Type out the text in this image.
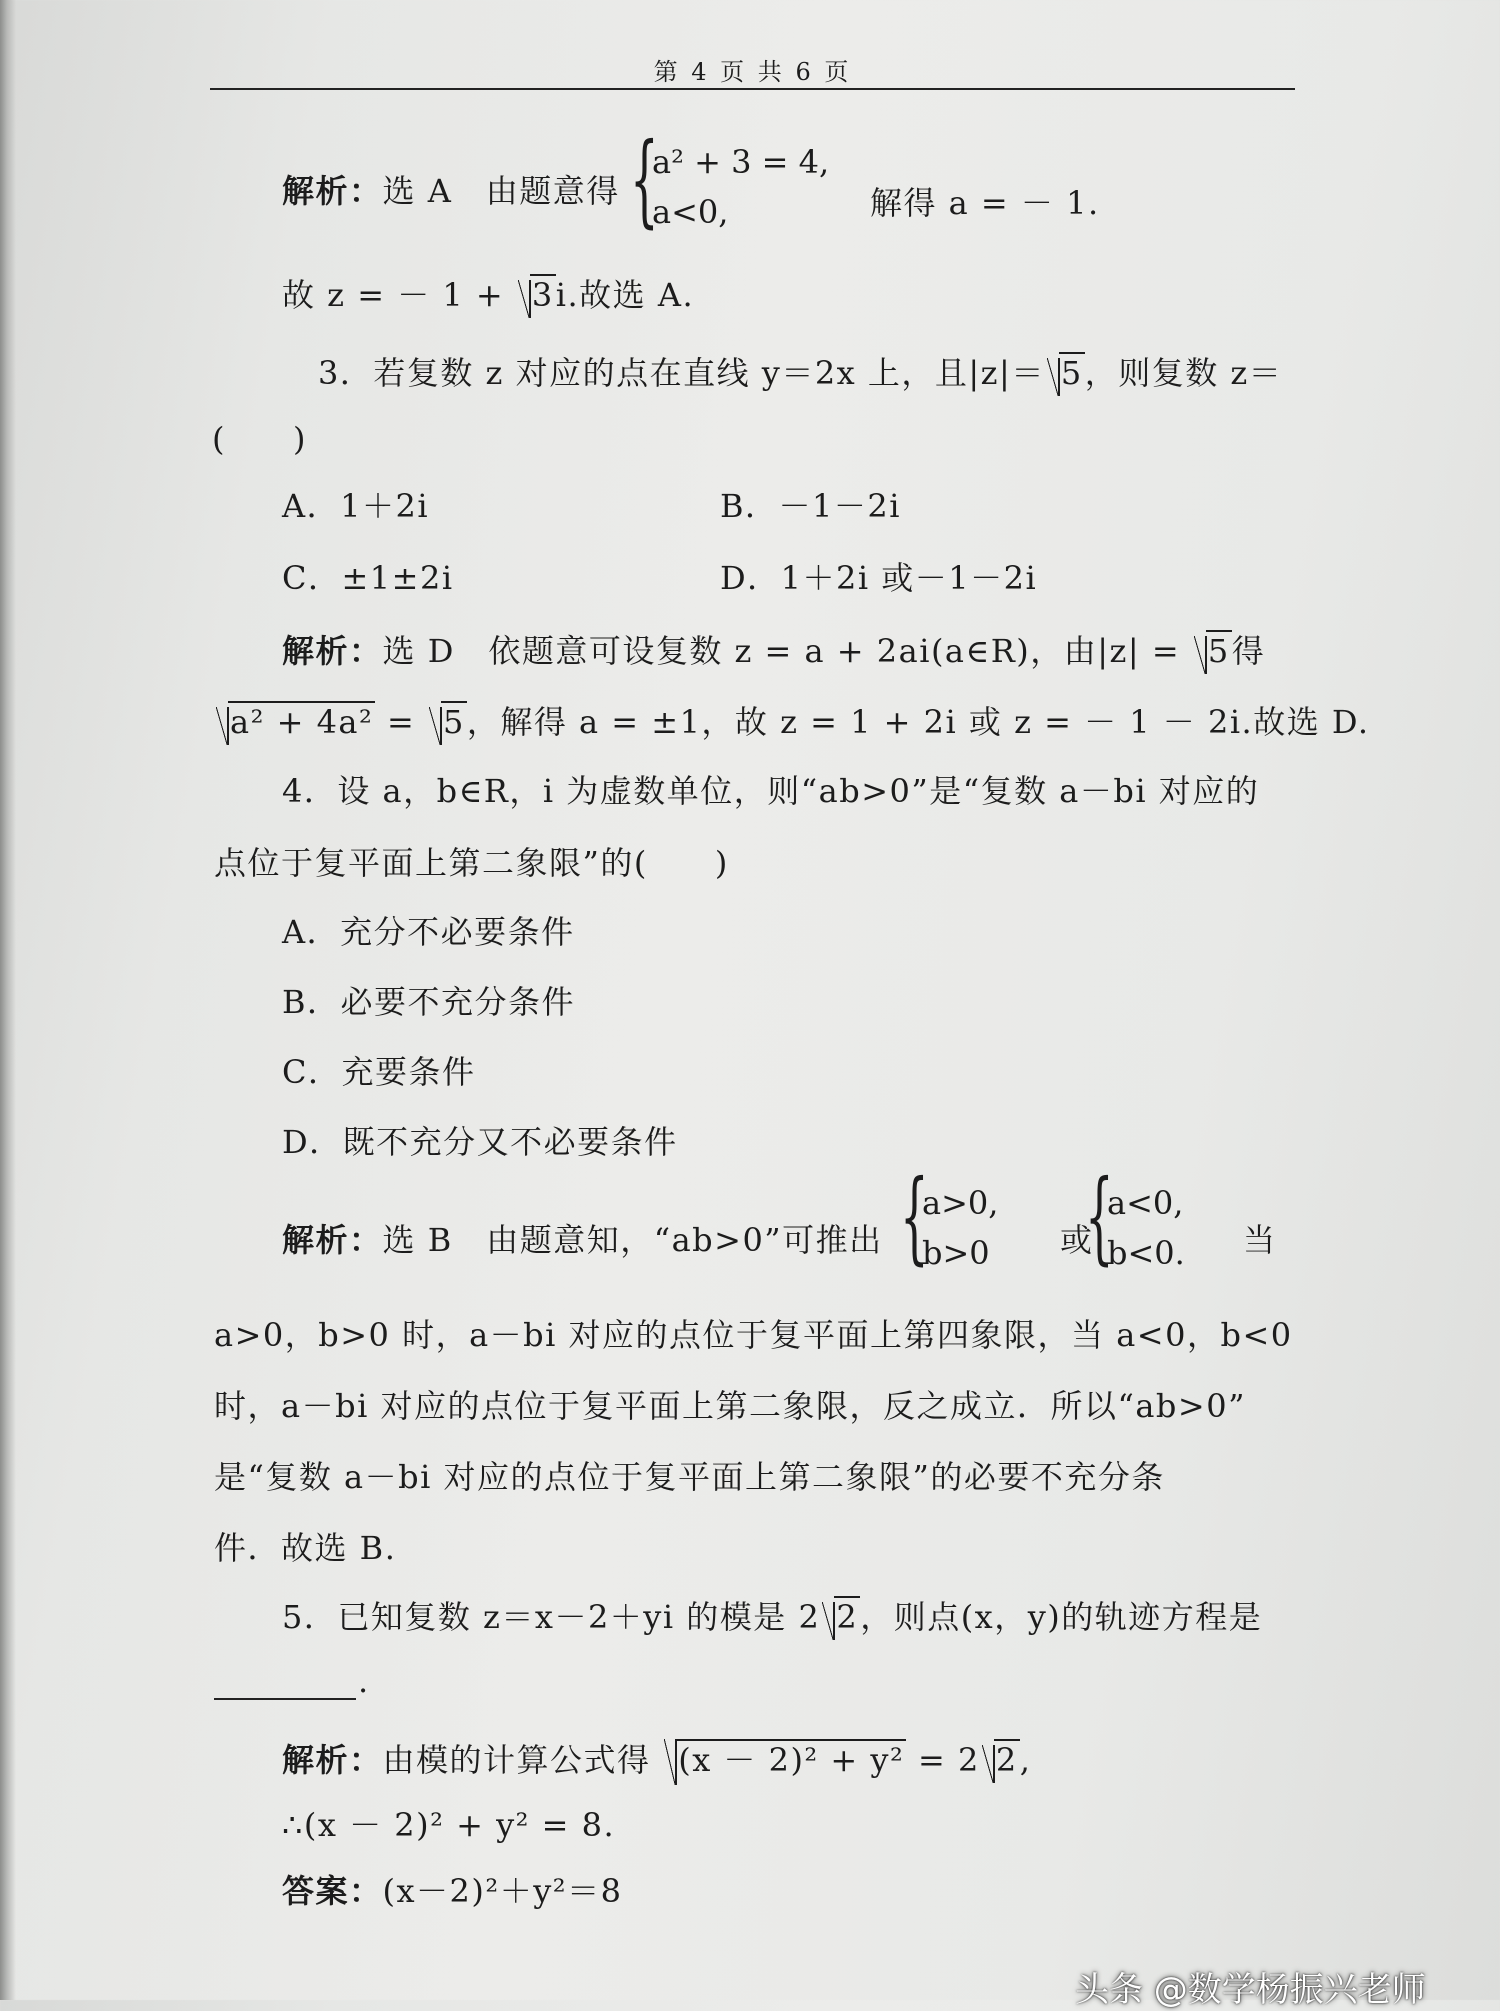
第 4 页 共 6 页
解析：选 A　由题意得 {
a² + 3 = 4,
a<0,	解得 a = － 1.
故 z = － 1 + 3i.故选 A.
3．若复数 z 对应的点在直线 y＝2x 上，且|z|＝ 5，则复数 z＝
(　　)
A．1＋2i	B．－1－2i
C．±1±2i	D．1＋2i 或－1－2i
解析：选 D　依题意可设复数 z = a + 2ai(a∈R)，由|z| = 5得
a² + 4a² = 5，解得 a = ±1，故 z = 1 + 2i 或 z = － 1 － 2i.故选 D.
4．设 a，b∈R，i 为虚数单位，则“ab>0”是“复数 a－bi 对应的
点位于复平面上第二象限”的(　　)
A．充分不必要条件
B．必要不充分条件
C．充要条件
D．既不充分又不必要条件
解析：选 B　由题意知，“ab>0”可推出 {
a>0,
b>0 或
{
a<0,
b<0. 当
a>0，b>0 时，a－bi 对应的点位于复平面上第四象限，当 a<0，b<0
时，a－bi 对应的点位于复平面上第二象限，反之成立．所以“ab>0”
是“复数 a－bi 对应的点位于复平面上第二象限”的必要不充分条
件．故选 B.
5．已知复数 z＝x－2＋yi 的模是 2 2，则点(x，y)的轨迹方程是
.
解析：由模的计算公式得 (x － 2)² + y² = 2 2,
∴(x － 2)² + y² = 8.
答案：(x－2)²＋y²＝8
头条 @数学杨振兴老师
